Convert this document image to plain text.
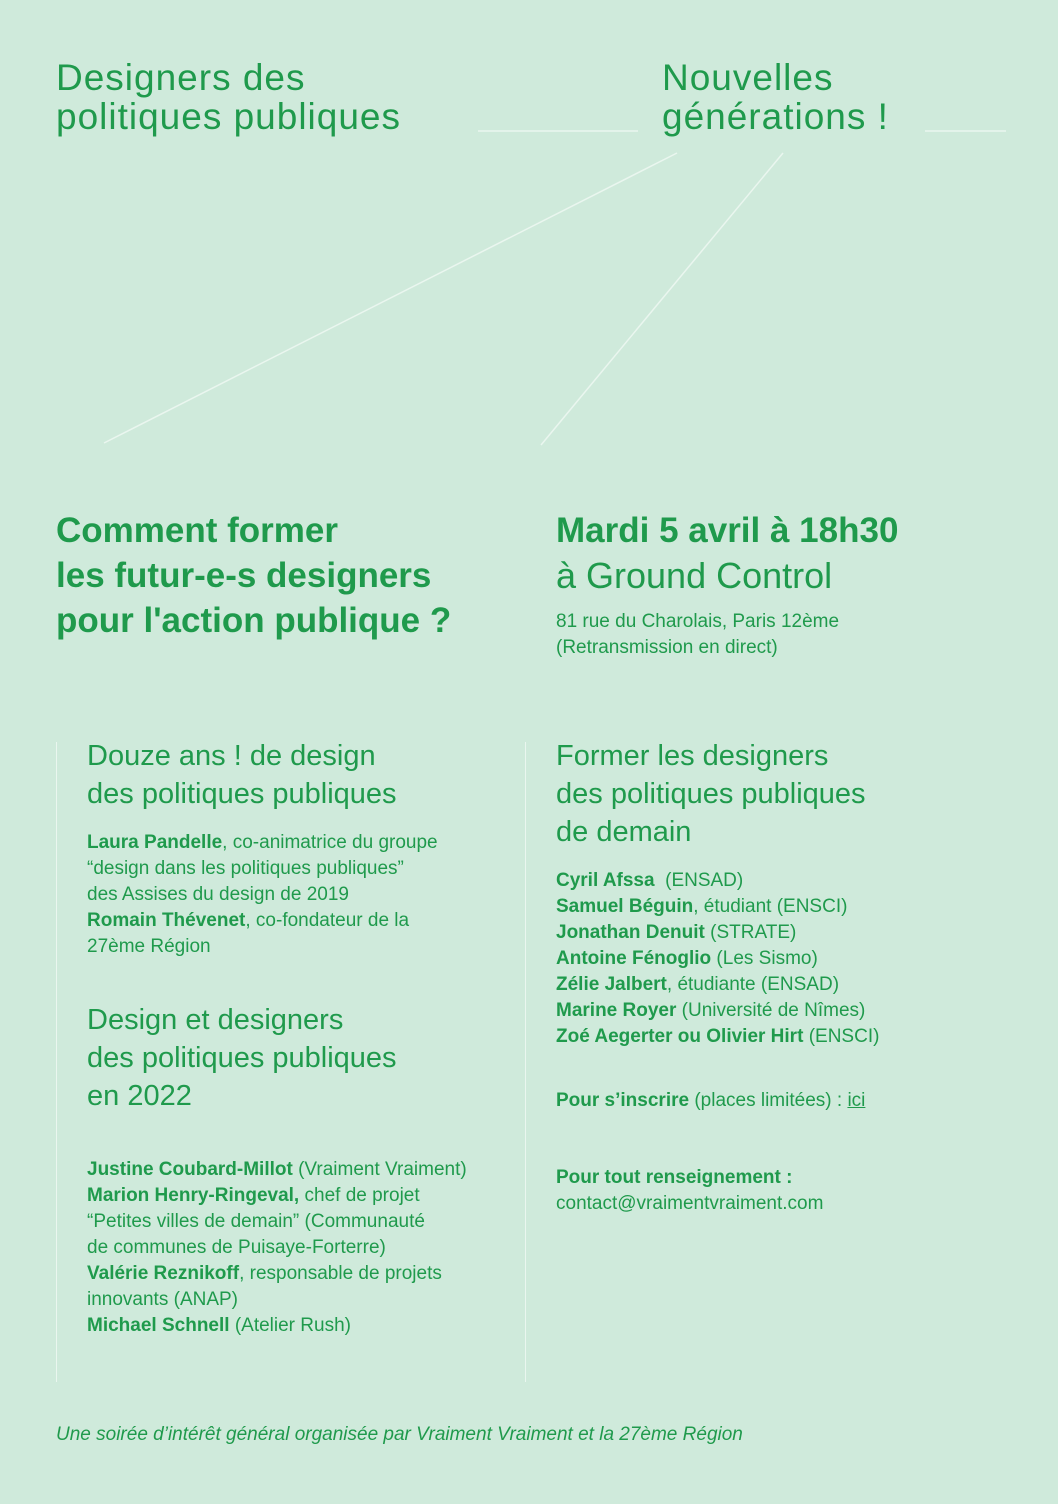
Designers des
politiques publiques
Nouvelles
générations !
Comment former
les futur-e-s designers
pour l'action publique ?
Mardi 5 avril à 18h30
à Ground Control
81 rue du Charolais, Paris 12ème
(Retransmission en direct)
Douze ans ! de design
des politiques publiques
Laura Pandelle, co-animatrice du groupe
“design dans les politiques publiques”
des Assises du design de 2019
Romain Thévenet, co-fondateur de la
27ème Région
Design et designers
des politiques publiques
en 2022
Justine Coubard-Millot (Vraiment Vraiment)
Marion Henry-Ringeval, chef de projet
“Petites villes de demain” (Communauté
de communes de Puisaye-Forterre)
Valérie Reznikoff, responsable de projets
innovants (ANAP)
Michael Schnell (Atelier Rush)
Former les designers
des politiques publiques
de demain
Cyril Afssa  (ENSAD)
Samuel Béguin, étudiant (ENSCI)
Jonathan Denuit (STRATE)
Antoine Fénoglio (Les Sismo)
Zélie Jalbert, étudiante (ENSAD)
Marine Royer (Université de Nîmes)
Zoé Aegerter ou Olivier Hirt (ENSCI)
Pour s’inscrire (places limitées) : ici
Pour tout renseignement :
contact@vraimentvraiment.com
Une soirée d’intérêt général organisée par Vraiment Vraiment et la 27ème Région
